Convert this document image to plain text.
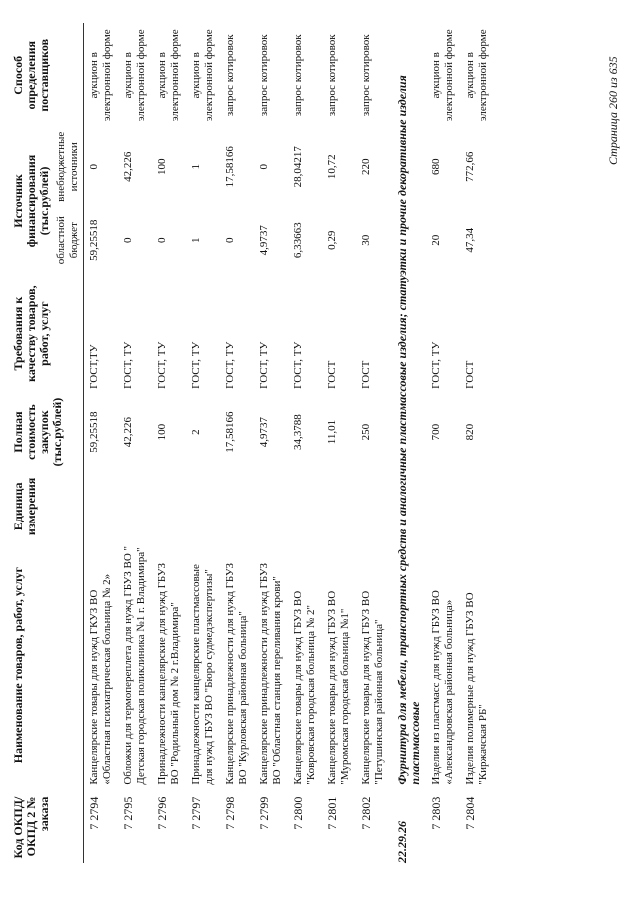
Код ОКПД/ ОКПД 2 № заказа	Наименование товаров, работ, услуг	Единица измерения	Полная стоимость закупок (тыс.рублей)	Требования к качеству товаров, работ, услуг	Источник финансирования (тыс.рублей)		Способ определения поставщиков
					областной бюджет	внебюджетные источники	
7 2794	Канцелярские товары для нужд ГКУЗ ВО «Областная психиатрическая больница № 2»		59,25518	ГОСТ,ТУ	59,25518	0	аукцион в электронной форме
7 2795	Обложки для термопереплета для нужд ГБУЗ ВО " Детская городская поликлиника №1 г. Владимира"		42,226	ГОСТ, ТУ	0	42,226	аукцион в электронной форме
7 2796	Принадлежности канцелярские для нужд ГБУЗ ВО "Родильный дом № 2 г.Владимира"		100	ГОСТ, ТУ	0	100	аукцион в электронной форме
7 2797	Принадлежности канцелярские пластмассовые для нужд ГБУЗ ВО "Бюро судмедэкспертизы"		2	ГОСТ, ТУ	1	1	аукцион в электронной форме
7 2798	Канцелярские принадлежности для нужд ГБУЗ ВО "Курловская районная больница"		17,58166	ГОСТ, ТУ	0	17,58166	запрос котировок
7 2799	Канцелярские принадлежности для нужд ГБУЗ ВО "Областная станция переливания крови"		4,9737	ГОСТ, ТУ	4,9737	0	запрос котировок
7 2800	Канцелярские товары для нужд ГБУЗ ВО "Ковровская городская больница № 2"		34,3788	ГОСТ, ТУ	6,33663	28,04217	запрос котировок
7 2801	Канцелярские товары для нужд ГБУЗ ВО "Муромская городская больница №1"		11,01	ГОСТ	0,29	10,72	запрос котировок
7 2802	Канцелярские товары для нужд ГБУЗ ВО "Петушинская районная больница"		250	ГОСТ	30	220	запрос котировок
22.29.26	Фурнитура для мебели, транспортных средств и аналогичные пластмассовые изделия; статуэтки и прочие декоративные изделия пластмассовые						
7 2803	Изделия из пластмасс для нужд ГБУЗ ВО «Александровская районная больница»		700	ГОСТ, ТУ	20	680	аукцион в электронной форме
7 2804	Изделия полимерные для нужд ГБУЗ ВО "Киржачская РБ"		820	ГОСТ	47,34	772,66	аукцион в электронной форме	Страница 260 из 635
